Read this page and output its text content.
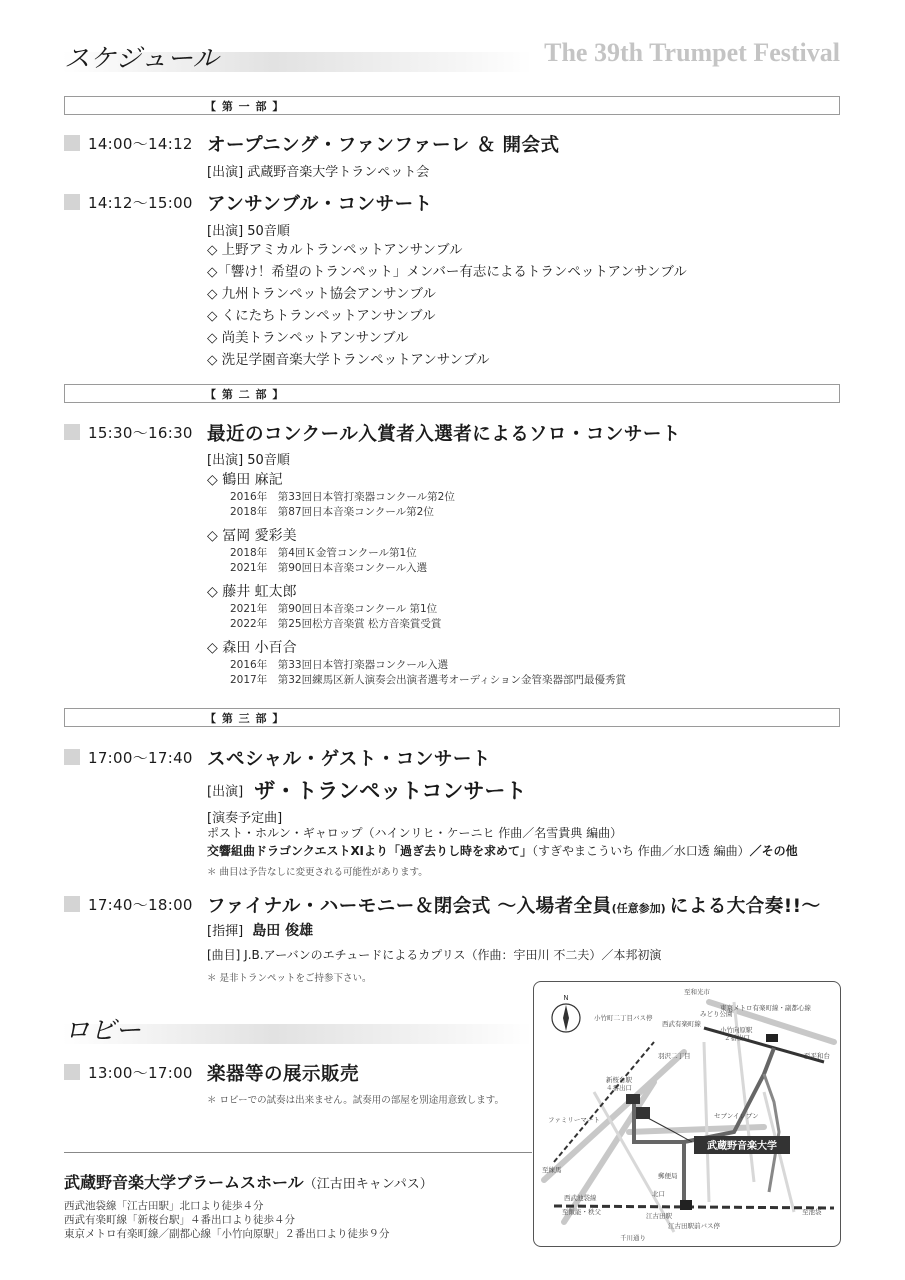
スケジュール	The 39th Trumpet Festival
【 第 一 部 】
14:00〜14:12 オープニング・ファンファーレ ＆ 開会式
[出演] 武蔵野音楽大学トランペット会
14:12〜15:00 アンサンブル・コンサート
[出演] 50音順
◇ 上野アミカルトランペットアンサンブル
◇「響け！希望のトランペット」メンバー有志によるトランペットアンサンブル
◇ 九州トランペット協会アンサンブル
◇ くにたちトランペットアンサンブル
◇ 尚美トランペットアンサンブル
◇ 洗足学園音楽大学トランペットアンサンブル
【 第 二 部 】
15:30〜16:30 最近のコンクール入賞者入選者によるソロ・コンサート
[出演] 50音順
◇ 鶴田 麻記
2016年　第33回日本管打楽器コンクール第2位
2018年　第87回日本音楽コンクール第2位
◇ 冨岡 愛彩美
2018年　第4回Ｋ金管コンクール第1位
2021年　第90回日本音楽コンクール入選
◇ 藤井 虹太郎
2021年　第90回日本音楽コンクール 第1位
2022年　第25回松方音楽賞 松方音楽賞受賞
◇ 森田 小百合
2016年　第33回日本管打楽器コンクール入選
2017年　第32回練馬区新人演奏会出演者選考オーディション金管楽器部門最優秀賞
【 第 三 部 】
17:00〜17:40 スペシャル・ゲスト・コンサート
[出演] ザ・トランペットコンサート
[演奏予定曲]
ポスト・ホルン・ギャロップ（ハインリヒ・ケーニヒ 作曲／名雪貴典 編曲）
交響組曲ドラゴンクエストⅪより「過ぎ去りし時を求めて」（すぎやまこういち 作曲／水口透 編曲）／その他
＊ 曲目は予告なしに変更される可能性があります。
17:40〜18:00 ファイナル・ハーモニー＆閉会式 〜入場者全員(任意参加) による大合奏!!〜
[指揮] 島田 俊雄
[曲目] J.B.アーバンのエチュードによるカプリス（作曲：宇田川 不二夫）／本邦初演
＊ 是非トランペットをご持参下さい。
ロビー
13:00〜17:00 楽器等の展示販売
＊ ロビーでの試奏は出来ません。試奏用の部屋を別途用意致します。
武蔵野音楽大学ブラームスホール（江古田キャンパス）
西武池袋線「江古田駅」北口より徒歩４分
西武有楽町線「新桜台駅」４番出口より徒歩４分
東京メトロ有楽町線／副都心線「小竹向原駅」２番出口より徒歩９分
武蔵野音楽大学
N
至和光市
東京メトロ有楽町線・副都心線
西武有楽町線
小竹向原駅
２番出口
至平和台
みどり公園
小竹町二丁目バス停
羽沢二丁目
新桜台駅
４番出口
セブンイレブン
郵便局
西武池袋線
江古田駅
北口
江古田駅前バス停
至池袋
至飯能・秩父
千川通り
至練馬
ファミリーマート
